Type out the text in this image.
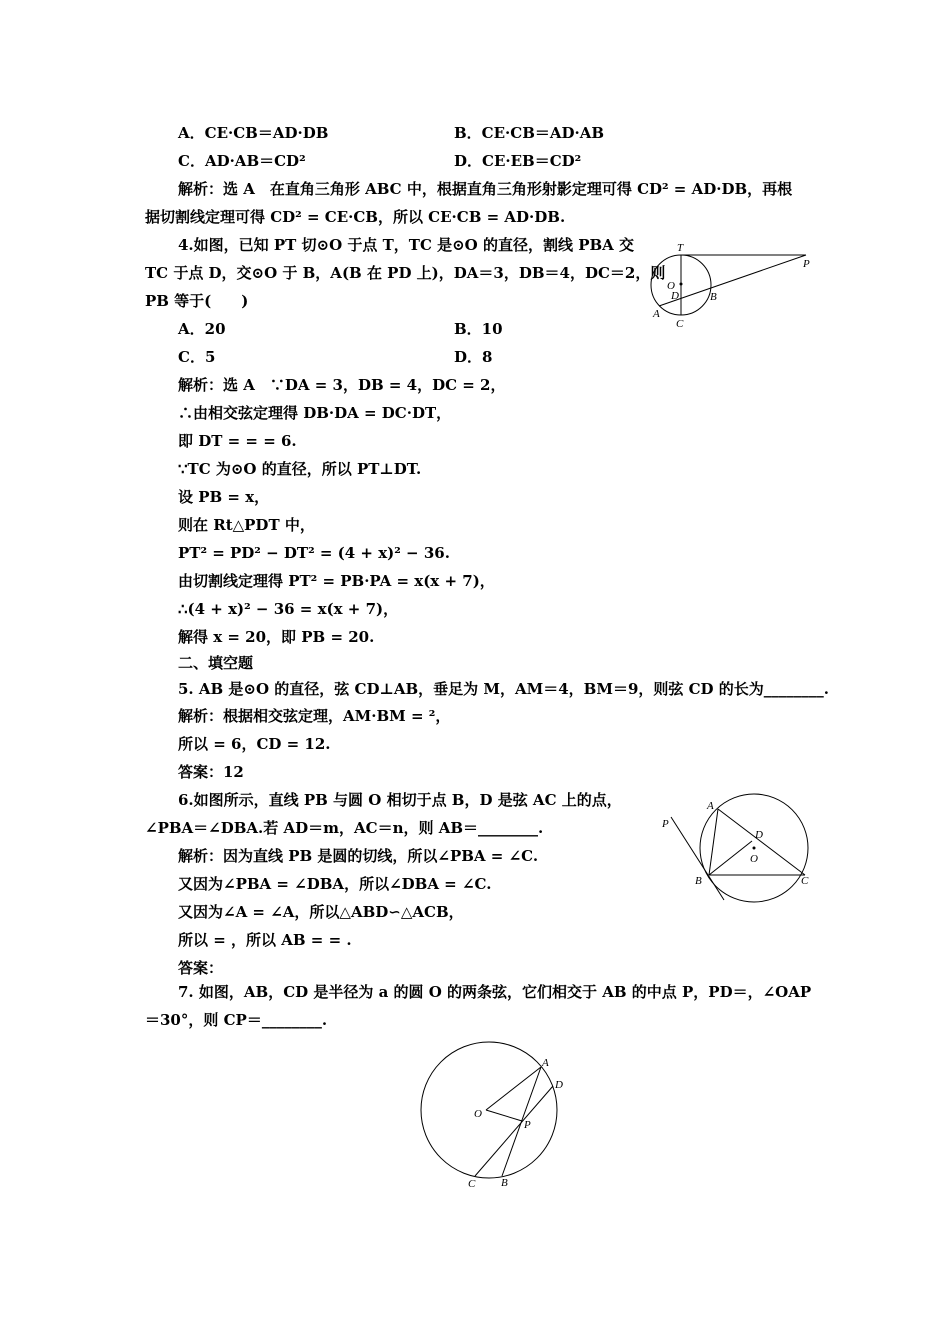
A．CE·CB＝AD·DB	B．CE·CB＝AD·AB
C．AD·AB＝CD²	D．CE·EB＝CD²
解析：选 A　在直角三角形 ABC 中，根据直角三角形射影定理可得 CD² = AD·DB，再根
据切割线定理可得 CD² = CE·CB，所以 CE·CB = AD·DB.
4.如图，已知 PT 切⊙O 于点 T，TC 是⊙O 的直径，割线 PBA 交
TC 于点 D，交⊙O 于 B，A(B 在 PD 上)，DA＝3，DB＝4，DC＝2，则
PB 等于(　　)
A．20	B．10
C．5	D．8
解析：选 A　∵DA = 3，DB = 4，DC = 2，
∴由相交弦定理得 DB·DA = DC·DT，
即 DT = = = 6.
∵TC 为⊙O 的直径，所以 PT⊥DT.
设 PB = x，
则在 Rt△PDT 中，
PT² = PD² − DT² = (4 + x)² − 36.
由切割线定理得 PT² = PB·PA = x(x + 7)，
∴(4 + x)² − 36 = x(x + 7)，
解得 x = 20，即 PB = 20.
T
P
O
D	B
A
C
二、填空题
5. AB 是⊙O 的直径，弦 CD⊥AB，垂足为 M，AM＝4，BM＝9，则弦 CD 的长为________.
解析：根据相交弦定理，AM·BM = ²，
所以 = 6，CD = 12.
答案：12
6.如图所示，直线 PB 与圆 O 相切于点 B，D 是弦 AC 上的点，
∠PBA＝∠DBA.若 AD＝m，AC＝n，则 AB＝________.
解析：因为直线 PB 是圆的切线，所以∠PBA = ∠C.
又因为∠PBA = ∠DBA，所以∠DBA = ∠C.
又因为∠A = ∠A，所以△ABD∽△ACB，
所以 = ，所以 AB = = .
答案：
A
P
D
O
B	C
7. 如图，AB，CD 是半径为 a 的圆 O 的两条弦，它们相交于 AB 的中点 P，PD＝，∠OAP
＝30°，则 CP＝________.
A
D
O
P
C B
